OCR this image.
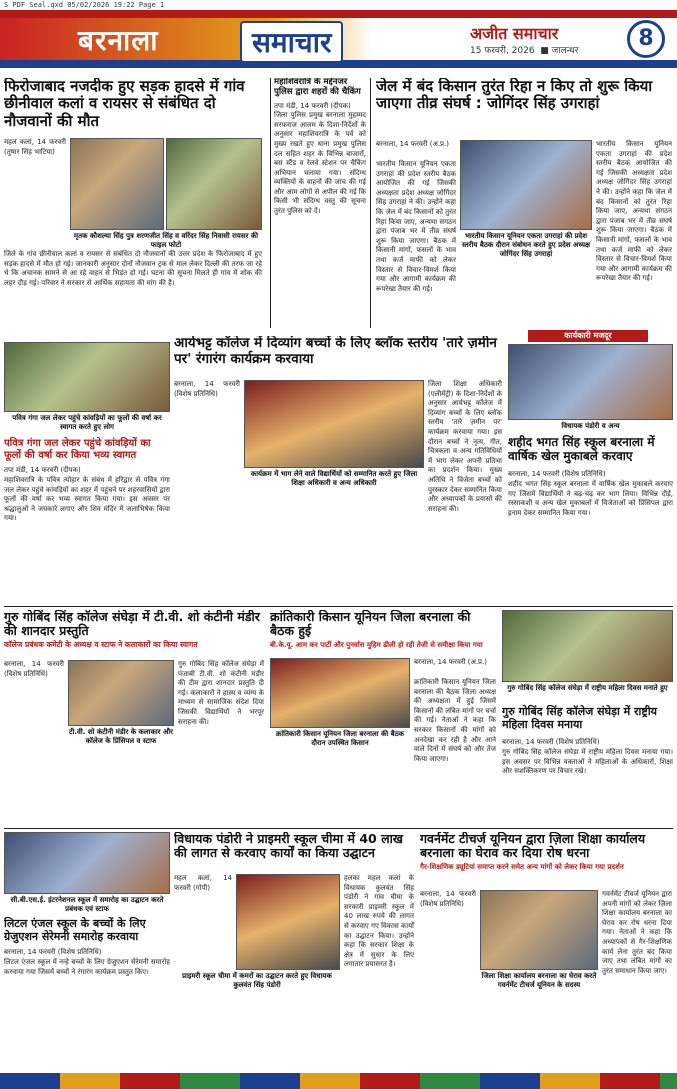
S PDF Seal.qxd 05/02/2026 19:22 Page 1
बरनाला	समाचार	अजीत समाचार
15 फरवरी, 2026  ■ जालन्धर	8
फिरोजाबाद नजदीक हुए सड़क हादसे में गांव छीनीवाल कलां व रायसर से संबंधित दो नौजवानों की मौत
महल कलां, 14 फरवरी (तुषार सिंह भाटिया)
मृतक कौशल्या सिंह पुत्र शरणजीत सिंह व वरिंदर सिंह निवासी रायसर की फाइल फोटो
जिले के गांव छीनीवाल कलां व रायसर से संबंधित दो नौजवानों की उत्तर प्रदेश के फिरोजाबाद में हुए सड़क हादसे में मौत हो गई। जानकारी अनुसार दोनों नौजवान ट्रक से माल लेकर दिल्ली की तरफ जा रहे थे कि अचानक सामने से आ रहे वाहन से भिड़ंत हो गई। घटना की सूचना मिलते ही गांव में शोक की लहर दौड़ गई। परिवार ने सरकार से आर्थिक सहायता की मांग की है।
महाशिवरात्रि के मद्देनजर पुलिस द्वारा शहरों की चैकिंग
तपा मंडी, 14 फरवरी (दीपक)
जिला पुलिस प्रमुख बरनाला मुहम्मद सरफराज आलम के दिशा-निर्देशों के अनुसार महाशिवरात्रि के पर्व को मुख्य रखते हुए थाना प्रमुख पुलिस दल सहित शहर के विभिन्न बाजारों, बस स्टैंड व रेलवे स्टेशन पर चैकिंग अभियान चलाया गया। संदिग्ध व्यक्तियों के वाहनों की जांच की गई और आम लोगों से अपील की गई कि किसी भी संदिग्ध वस्तु की सूचना तुरंत पुलिस को दें।
जेल में बंद किसान तुरंत रिहा न किए तो शुरू किया जाएगा तीव्र संघर्ष : जोगिंदर सिंह उगराहां
बरनाला, 14 फरवरी (अ.प्र.)
भारतीय किसान यूनियन एकता उगराहां की प्रदेश स्तरीय बैठक आयोजित की गई जिसकी अध्यक्षता प्रदेश अध्यक्ष जोगिंदर सिंह उगराहां ने की। उन्होंने कहा कि जेल में बंद किसानों को तुरंत रिहा किया जाए, अन्यथा संगठन द्वारा पंजाब भर में तीव्र संघर्ष शुरू किया जाएगा। बैठक में किसानी मांगों, फसलों के भाव तथा कर्ज माफी को लेकर विस्तार से विचार-विमर्श किया गया और आगामी कार्यक्रम की रूपरेखा तैयार की गई।
भारतीय किसान यूनियन एकता उगराहां की प्रदेश स्तरीय बैठक दौरान संबोधन करते हुए प्रदेश अध्यक्ष जोगिंदर सिंह उगराहां
भारतीय किसान यूनियन एकता उगराहां की प्रदेश स्तरीय बैठक आयोजित की गई जिसकी अध्यक्षता प्रदेश अध्यक्ष जोगिंदर सिंह उगराहां ने की। उन्होंने कहा कि जेल में बंद किसानों को तुरंत रिहा किया जाए, अन्यथा संगठन द्वारा पंजाब भर में तीव्र संघर्ष शुरू किया जाएगा। बैठक में किसानी मांगों, फसलों के भाव तथा कर्ज माफी को लेकर विस्तार से विचार-विमर्श किया गया और आगामी कार्यक्रम की रूपरेखा तैयार की गई।
आर्यभट्ट कॉलेज में दिव्यांग बच्चों के लिए ब्लॉक स्तरीय 'तारे ज़मीन पर' रंगारंग कार्यक्रम करवाया
बरनाला, 14 फरवरी (विशेष प्रतिनिधि)
कार्यक्रम में भाग लेने वाले विद्यार्थियों को सम्मानित करते हुए जिला शिक्षा अधिकारी व अन्य अधिकारी
जिला शिक्षा अधिकारी (एलीमेंट्री) के दिशा-निर्देशों के अनुसार आर्यभट्ट कॉलेज में दिव्यांग बच्चों के लिए ब्लॉक स्तरीय 'तारे ज़मीन पर' कार्यक्रम करवाया गया। इस दौरान बच्चों ने नृत्य, गीत, चित्रकला व अन्य गतिविधियों में भाग लेकर अपनी प्रतिभा का प्रदर्शन किया। मुख्य अतिथि ने विजेता बच्चों को पुरस्कार देकर सम्मानित किया और अध्यापकों के प्रयासों की सराहना की।
पवित्र गंगा जल लेकर पहुंचे कांवड़ियों का फूलों की वर्षा कर स्वागत करते हुए लोग
पवित्र गंगा जल लेकर पहुंचे कांवड़ियों का फूलों की वर्षा कर किया भव्य स्वागत
तपा मंडी, 14 फरवरी (दीपक)
महाशिवरात्रि के पवित्र त्योहार के संबंध में हरिद्वार से पवित्र गंगा जल लेकर पहुंचे कांवड़ियों का शहर में पहुंचने पर शहरवासियों द्वारा फूलों की वर्षा कर भव्य स्वागत किया गया। इस अवसर पर श्रद्धालुओं ने जयकारे लगाए और शिव मंदिर में जलाभिषेक किया गया।
कार्यकारी मजदूर
विधायक पंडोरी व अन्य
शहीद भगत सिंह स्कूल बरनाला में वार्षिक खेल मुकाबले करवाए
बरनाला, 14 फरवरी (विशेष प्रतिनिधि)
शहीद भगत सिंह स्कूल बरनाला में वार्षिक खेल मुकाबले करवाए गए जिसमें विद्यार्थियों ने बढ़-चढ़ कर भाग लिया। विभिन्न दौड़ें, रस्साकशी व अन्य खेल मुकाबलों में विजेताओं को प्रिंसिपल द्वारा इनाम देकर सम्मानित किया गया।
गुरु गोबिंद सिंह कॉलेज संघेड़ा में टी.वी. शो कंटीनी मंडीर की शानदार प्रस्तुति
कॉलेज प्रबंधक कमेटी के अध्यक्ष व स्टाफ ने कलाकारों का किया स्वागत
बरनाला, 14 फरवरी (विशेष प्रतिनिधि)
टी.वी. शो कंटीनी मंडीर के कलाकार और कॉलेज के प्रिंसिपल व स्टाफ
गुरु गोबिंद सिंह कॉलेज संघेड़ा में पंजाबी टी.वी. शो कंटीनी मंडीर की टीम द्वारा शानदार प्रस्तुति दी गई। कलाकारों ने हास्य व व्यंग्य के माध्यम से सामाजिक संदेश दिया जिसकी विद्यार्थियों ने भरपूर सराहना की।
क्रांतिकारी किसान यूनियन जिला बरनाला की बैठक हुई
बी.के.यू. आम कर पार्टी और पुनर्वास मुहिम ढीली हो रही तेजी से समीक्षा किया गया
क्रांतिकारी किसान यूनियन जिला बरनाला की बैठक दौरान उपस्थित किसान
बरनाला, 14 फरवरी (अ.प्र.)
क्रांतिकारी किसान यूनियन जिला बरनाला की बैठक जिला अध्यक्ष की अध्यक्षता में हुई जिसमें किसानों की लंबित मांगों पर चर्चा की गई। नेताओं ने कहा कि सरकार किसानों की मांगों को अनदेखा कर रही है और आने वाले दिनों में संघर्ष को और तेज किया जाएगा।
गुरु गोबिंद सिंह कॉलेज संघेड़ा में राष्ट्रीय महिला दिवस मनाते हुए
गुरु गोबिंद सिंह कॉलेज संघेड़ा में राष्ट्रीय महिला दिवस मनाया
बरनाला, 14 फरवरी (विशेष प्रतिनिधि)
गुरु गोबिंद सिंह कॉलेज संघेड़ा में राष्ट्रीय महिला दिवस मनाया गया। इस अवसर पर विभिन्न वक्ताओं ने महिलाओं के अधिकारों, शिक्षा और सशक्तिकरण पर विचार रखे।
सी.बी.एस.ई. इंटरनेशनल स्कूल में समारोह का उद्घाटन करते प्रबंधक एवं स्टाफ
लिटल एंजल स्कूल के बच्चों के लिए ग्रेजुएशन सेरेमनी समारोह करवाया
बरनाला, 14 फरवरी (विशेष प्रतिनिधि)
लिटल एंजल स्कूल में नन्हे बच्चों के लिए ग्रेजुएशन सेरेमनी समारोह करवाया गया जिसमें बच्चों ने रंगारंग कार्यक्रम प्रस्तुत किए।
विधायक पंडोरी ने प्राइमरी स्कूल चीमा में 40 लाख की लागत से करवाए कार्यों का किया उद्घाटन
महल कलां, 14 फरवरी (गोपी)
प्राइमरी स्कूल चीमा में कमरों का उद्घाटन करते हुए विधायक कुलवंत सिंह पंडोरी
हलका महल कलां के विधायक कुलवंत सिंह पंडोरी ने गांव चीमा के सरकारी प्राइमरी स्कूल में 40 लाख रुपये की लागत से करवाए गए विकास कार्यों का उद्घाटन किया। उन्होंने कहा कि सरकार शिक्षा के क्षेत्र में सुधार के लिए लगातार प्रयासरत है।
गवर्नमेंट टीचर्ज यूनियन द्वारा ज़िला शिक्षा कार्यालय बरनाला का घेराव कर दिया रोष धरना
गैर-शिक्षणिक ड्यूटियां समाप्त करने समेत अन्य मांगों को लेकर किया गया प्रदर्शन
बरनाला, 14 फरवरी (विशेष प्रतिनिधि)
जिला शिक्षा कार्यालय बरनाला का घेराव करते गवर्नमेंट टीचर्ज यूनियन के सदस्य
गवर्नमेंट टीचर्ज यूनियन द्वारा अपनी मांगों को लेकर ज़िला शिक्षा कार्यालय बरनाला का घेराव कर रोष धरना दिया गया। नेताओं ने कहा कि अध्यापकों से गैर-शिक्षणिक कार्य लेना तुरंत बंद किया जाए तथा लंबित मांगों का तुरंत समाधान किया जाए।
